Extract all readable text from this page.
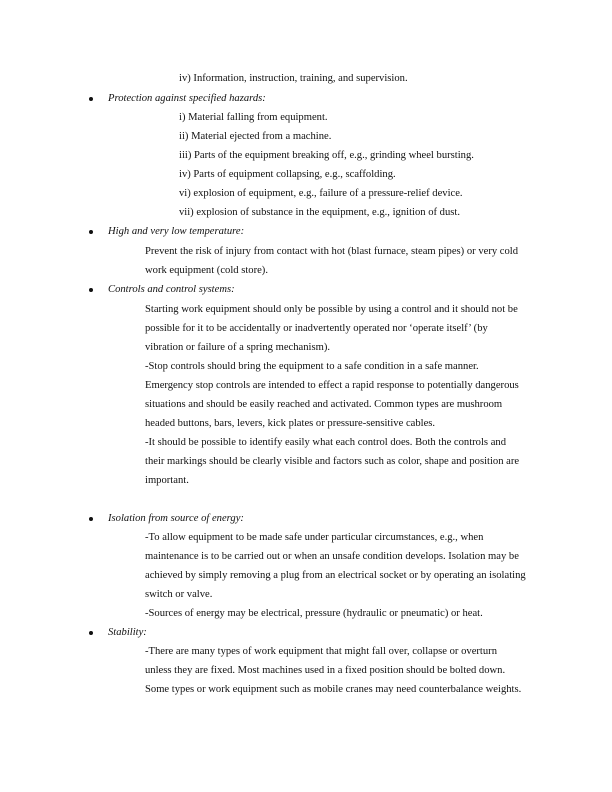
iv) Information, instruction, training, and supervision.
Protection against specified hazards:
i) Material falling from equipment.
ii) Material ejected from a machine.
iii) Parts of the equipment breaking off, e.g., grinding wheel bursting.
iv) Parts of equipment collapsing, e.g., scaffolding.
vi) explosion of equipment, e.g., failure of a pressure-relief device.
vii) explosion of substance in the equipment, e.g., ignition of dust.
High and very low temperature:
Prevent the risk of injury from contact with hot (blast furnace, steam pipes) or very cold
work equipment (cold store).
Controls and control systems:
Starting work equipment should only be possible by using a control and it should not be
possible for it to be accidentally or inadvertently operated nor ‘operate itself’ (by
vibration or failure of a spring mechanism).
-Stop controls should bring the equipment to a safe condition in a safe manner.
Emergency stop controls are intended to effect a rapid response to potentially dangerous
situations and should be easily reached and activated. Common types are mushroom
headed buttons, bars, levers, kick plates or pressure-sensitive cables.
-It should be possible to identify easily what each control does. Both the controls and
their markings should be clearly visible and factors such as color, shape and position are
important.
Isolation from source of energy:
-To allow equipment to be made safe under particular circumstances, e.g., when
maintenance is to be carried out or when an unsafe condition develops. Isolation may be
achieved by simply removing a plug from an electrical socket or by operating an isolating
switch or valve.
-Sources of energy may be electrical, pressure (hydraulic or pneumatic) or heat.
Stability:
-There are many types of work equipment that might fall over, collapse or overturn
unless they are fixed. Most machines used in a fixed position should be bolted down.
Some types or work equipment such as mobile cranes may need counterbalance weights.
